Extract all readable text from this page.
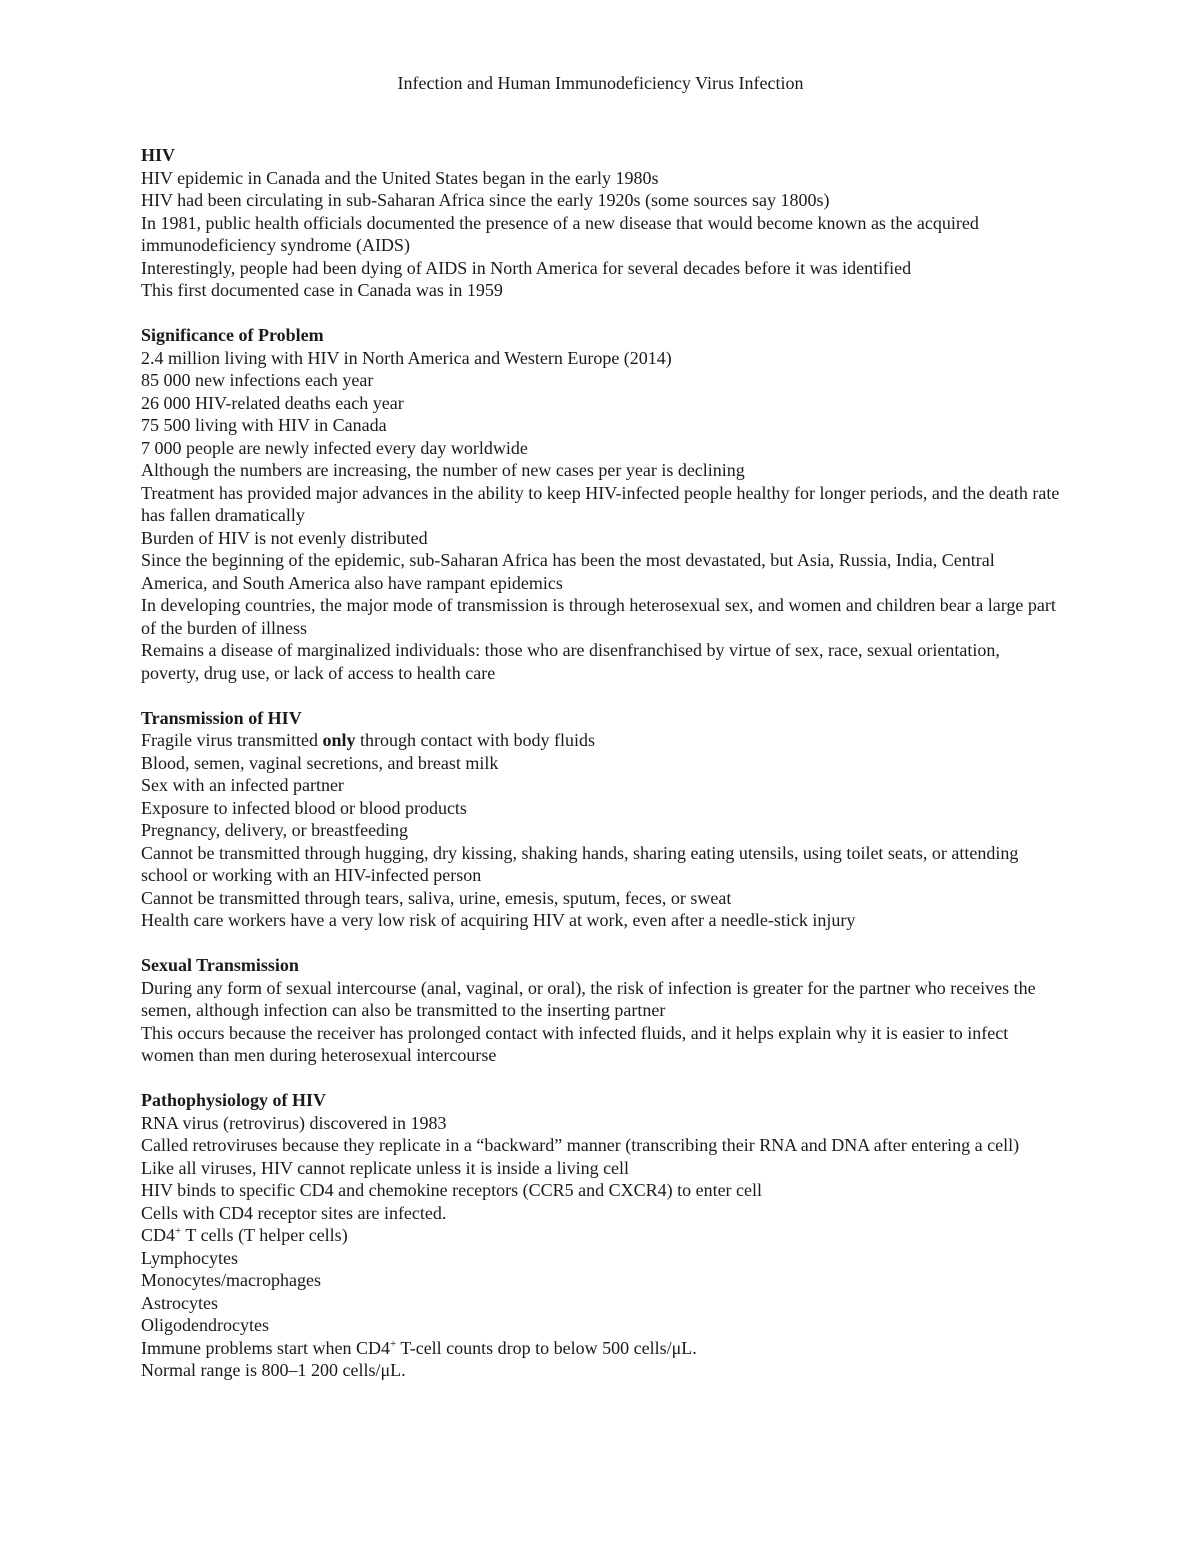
Infection and Human Immunodeficiency Virus Infection
HIV
HIV epidemic in Canada and the United States began in the early 1980s
HIV had been circulating in sub-Saharan Africa since the early 1920s (some sources say 1800s)
In 1981, public health officials documented the presence of a new disease that would become known as the acquired immunodeficiency syndrome (AIDS)
Interestingly, people had been dying of AIDS in North America for several decades before it was identified
This first documented case in Canada was in 1959
Significance of Problem
2.4 million living with HIV in North America and Western Europe (2014)
85 000 new infections each year
26 000 HIV-related deaths each year
75 500 living with HIV in Canada
7 000 people are newly infected every day worldwide
Although the numbers are increasing, the number of new cases per year is declining
Treatment has provided major advances in the ability to keep HIV-infected people healthy for longer periods, and the death rate has fallen dramatically
Burden of HIV is not evenly distributed
Since the beginning of the epidemic, sub-Saharan Africa has been the most devastated, but Asia, Russia, India, Central America, and South America also have rampant epidemics
In developing countries, the major mode of transmission is through heterosexual sex, and women and children bear a large part of the burden of illness
Remains a disease of marginalized individuals: those who are disenfranchised by virtue of sex, race, sexual orientation, poverty, drug use, or lack of access to health care
Transmission of HIV
Fragile virus transmitted only through contact with body fluids
Blood, semen, vaginal secretions, and breast milk
Sex with an infected partner
Exposure to infected blood or blood products
Pregnancy, delivery, or breastfeeding
Cannot be transmitted through hugging, dry kissing, shaking hands, sharing eating utensils, using toilet seats, or attending school or working with an HIV-infected person
Cannot be transmitted through tears, saliva, urine, emesis, sputum, feces, or sweat
Health care workers have a very low risk of acquiring HIV at work, even after a needle-stick injury
Sexual Transmission
During any form of sexual intercourse (anal, vaginal, or oral), the risk of infection is greater for the partner who receives the semen, although infection can also be transmitted to the inserting partner
This occurs because the receiver has prolonged contact with infected fluids, and it helps explain why it is easier to infect women than men during heterosexual intercourse
Pathophysiology of HIV
RNA virus (retrovirus) discovered in 1983
Called retroviruses because they replicate in a “backward” manner (transcribing their RNA and DNA after entering a cell)
Like all viruses, HIV cannot replicate unless it is inside a living cell
HIV binds to specific CD4 and chemokine receptors (CCR5 and CXCR4) to enter cell
Cells with CD4 receptor sites are infected.
CD4+ T cells (T helper cells)
Lymphocytes
Monocytes/macrophages
Astrocytes
Oligodendrocytes
Immune problems start when CD4+ T-cell counts drop to below 500 cells/μL.
Normal range is 800–1 200 cells/μL.
